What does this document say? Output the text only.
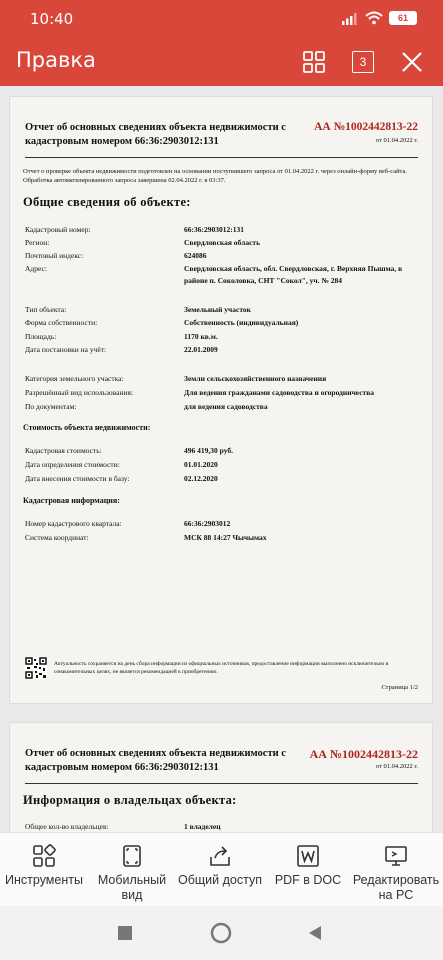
10:40	61
Правка	3
Отчет об основных сведениях объекта недвижимости с кадастровым номером 66:36:2903012:131
АА №1002442813-22
от 01.04.2022 г.
Отчет о проверке объекта недвижимости подготовлен на основании поступившего запроса от 01.04.2022 г. через онлайн-форму веб-сайта. Обработка автоматизированного запроса завершена 02.04.2022 г. в 03:37.
Общие сведения об объекте:
Кадастровый номер:	66:36:2903012:131
Регион:	Свердловская область
Почтовый индекс:	624086
Адрес:	Свердловская область, обл. Свердловская, г. Верхняя Пышма, в районе п. Соколовка, СНТ "Сокол", уч. № 284
Тип объекта:	Земельный участок
Форма собственности:	Собственность (индивидуальная)
Площадь:	1170 кв.м.
Дата постановки на учёт:	22.01.2009
Категория земельного участка:	Земли сельскохозяйственного назначения
Разрешённый вид использования:	Для ведения гражданами садоводства и огородничества
По документам:	для ведения садоводства
Стоимость объекта недвижимости:
Кадастровая стоимость:	496 419,30 руб.
Дата определения стоимости:	01.01.2020
Дата внесения стоимости в базу:	02.12.2020
Кадастровая информация:
Номер кадастрового квартала:	66:36:2903012
Система координат:	МСК 88 14:27 Чычымах
Актуальность сохраняется на день сбора информации из официальных источников, предоставление информации выполнено исключительно в ознакомительных целях, не является рекомендацией к приобретению.
Страница 1/2
Отчет об основных сведениях объекта недвижимости с кадастровым номером 66:36:2903012:131
АА №1002442813-22
от 01.04.2022 г.
Информация о владельцах объекта:
Общее кол-во владельцев:	1 владелец
Инструменты	Мобильный вид
Общий доступ	PDF в DOC Редактировать на PC
